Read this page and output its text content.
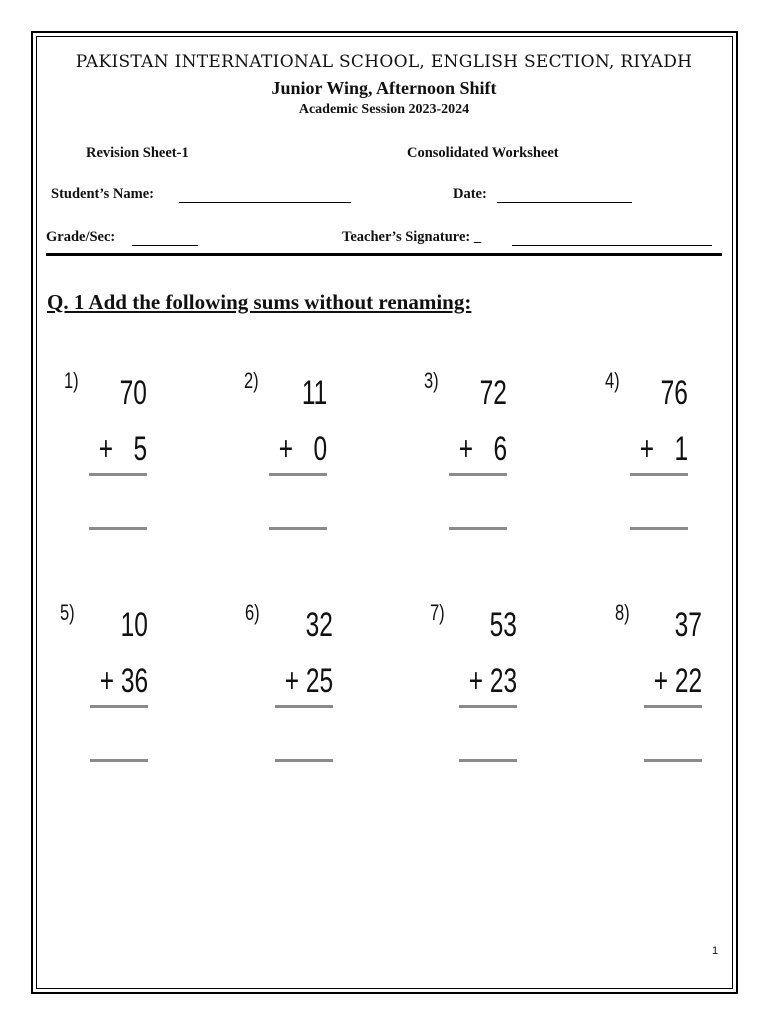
PAKISTAN INTERNATIONAL SCHOOL, ENGLISH SECTION, RIYADH
Junior Wing, Afternoon Shift
Academic Session 2023-2024
Revision Sheet-1	Consolidated Worksheet
Student’s Name:	Date:
Grade/Sec:	Teacher’s Signature: _
Q. 1 Add the following sums without renaming:
1) 70
+   5
2) 11
+   0
3) 72
+   6
4) 76
+   1
5) 10
+ 36
6) 32
+ 25
7) 53
+ 23
8) 37
+ 22
1
